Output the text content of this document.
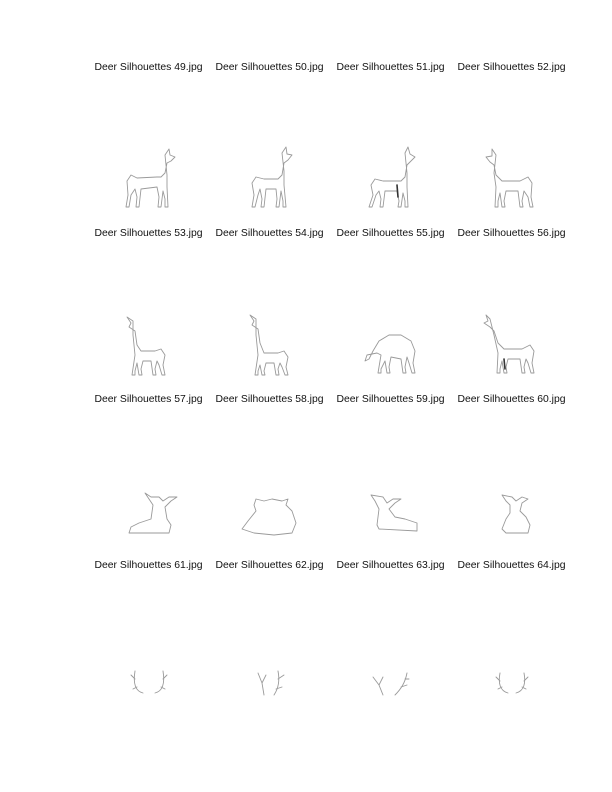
Deer Silhouettes 49.jpg	Deer Silhouettes 50.jpg	Deer Silhouettes 51.jpg	Deer Silhouettes 52.jpg
Deer Silhouettes 53.jpg	Deer Silhouettes 54.jpg	Deer Silhouettes 55.jpg	Deer Silhouettes 56.jpg
Deer Silhouettes 57.jpg	Deer Silhouettes 58.jpg	Deer Silhouettes 59.jpg	Deer Silhouettes 60.jpg
Deer Silhouettes 61.jpg	Deer Silhouettes 62.jpg	Deer Silhouettes 63.jpg	Deer Silhouettes 64.jpg
